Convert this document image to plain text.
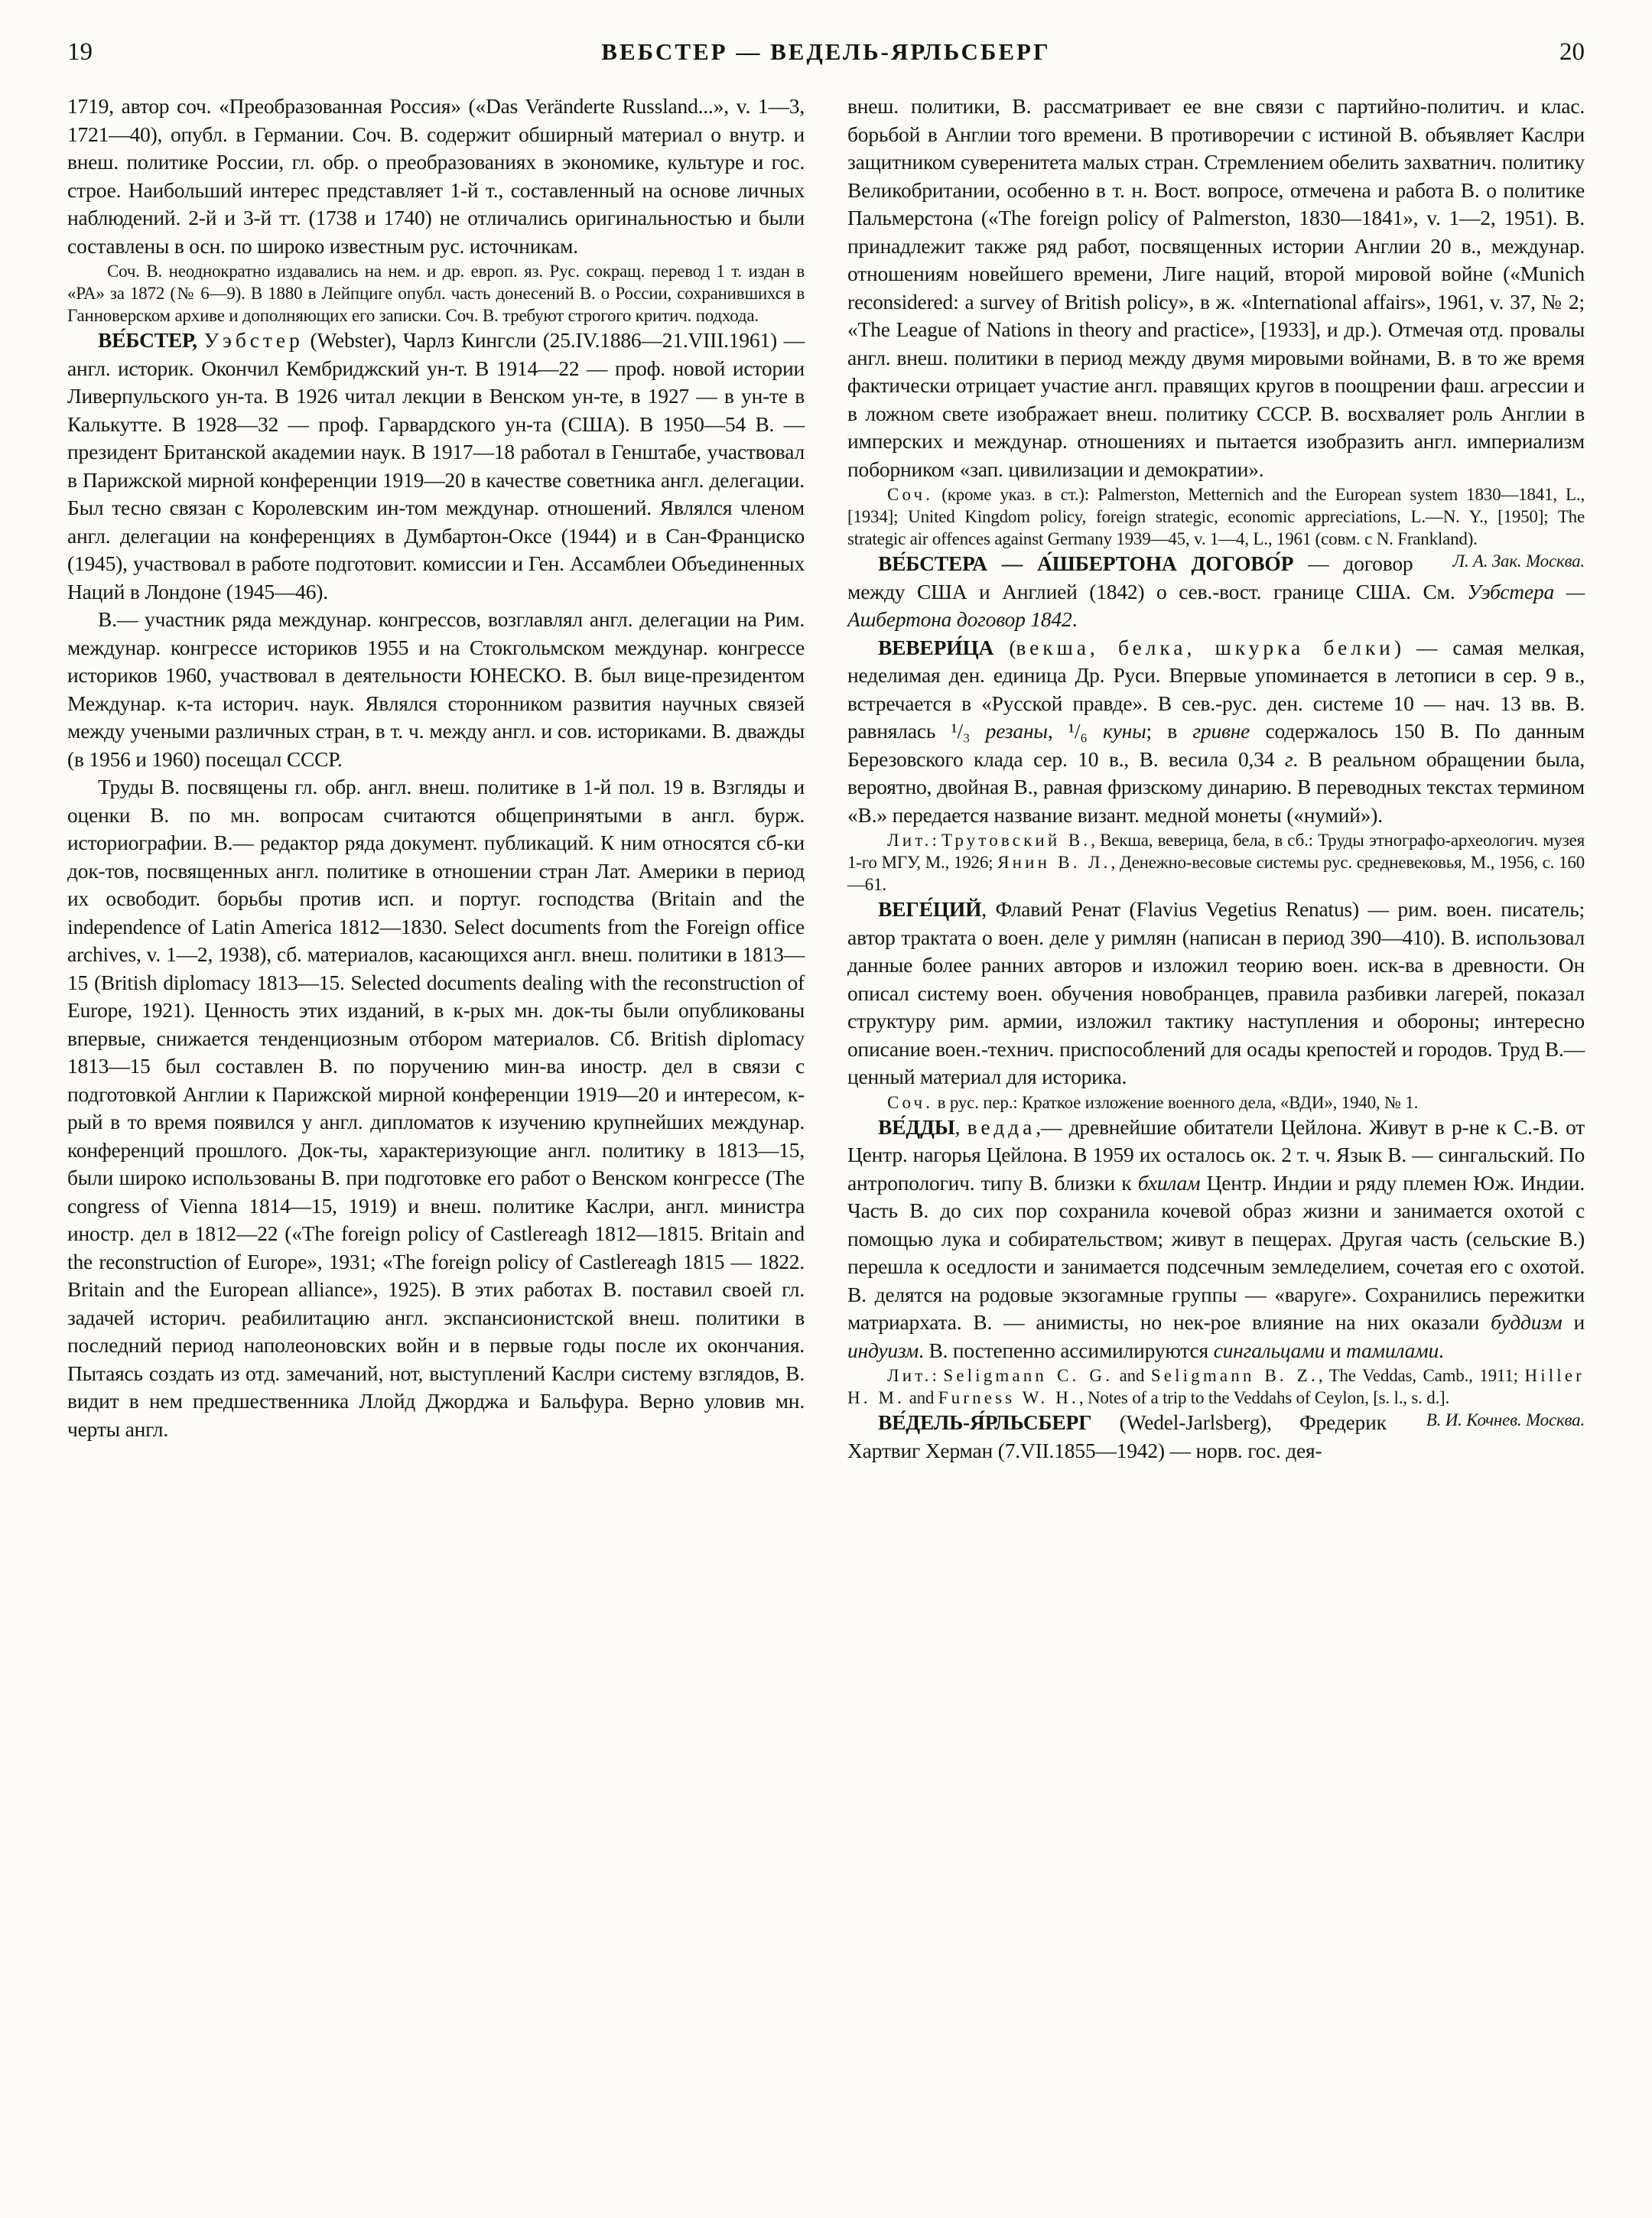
19	ВЕБСТЕР — ВЕДЕЛЬ-ЯРЛЬСБЕРГ	20

1719, автор соч. «Преобразованная Россия» («Das Veränderte Russland...», v. 1—3, 1721—40), опубл. в Германии. Соч. В. содержит обширный материал о внутр. и внеш. политике России, гл. обр. о преобразованиях в экономике, культуре и гос. строе. Наибольший интерес представляет 1-й т., составленный на основе личных наблюдений. 2-й и 3-й тт. (1738 и 1740) не отличались оригинальностью и были составлены в осн. по широко известным рус. источникам.

Соч. В. неоднократно издавались на нем. и др. европ. яз. Рус. сокращ. перевод 1 т. издан в «РА» за 1872 (№ 6—9). В 1880 в Лейпциге опубл. часть донесений В. о России, сохранившихся в Ганноверском архиве и дополняющих его записки. Соч. В. требуют строгого критич. подхода.

ВЕ́БСТЕР, Уэбстер (Webster), Чарлз Кингсли (25.IV.1886—21.VIII.1961) — англ. историк. Окончил Кембриджский ун-т. В 1914—22 — проф. новой истории Ливерпульского ун-та. В 1926 читал лекции в Венском ун-те, в 1927 — в ун-те в Калькутте. В 1928—32 — проф. Гарвардского ун-та (США). В 1950—54 В. — президент Британской академии наук. В 1917—18 работал в Генштабе, участвовал в Парижской мирной конференции 1919—20 в качестве советника англ. делегации. Был тесно связан с Королевским ин-том междунар. отношений. Являлся членом англ. делегации на конференциях в Думбартон-Оксе (1944) и в Сан-Франциско (1945), участвовал в работе подготовит. комиссии и Ген. Ассамблеи Объединенных Наций в Лондоне (1945—46).

В.— участник ряда междунар. конгрессов, возглавлял англ. делегации на Рим. междунар. конгрессе историков 1955 и на Стокгольмском междунар. конгрессе историков 1960, участвовал в деятельности ЮНЕСКО. В. был вице-президентом Междунар. к-та историч. наук. Являлся сторонником развития научных связей между учеными различных стран, в т. ч. между англ. и сов. историками. В. дважды (в 1956 и 1960) посещал СССР.

Труды В. посвящены гл. обр. англ. внеш. политике в 1-й пол. 19 в. Взгляды и оценки В. по мн. вопросам считаются общепринятыми в англ. бурж. историографии. В.— редактор ряда документ. публикаций. К ним относятся сб-ки док-тов, посвященных англ. политике в отношении стран Лат. Америки в период их освободит. борьбы против исп. и португ. господства (Britain and the independence of Latin America 1812—1830. Select documents from the Foreign office archives, v. 1—2, 1938), сб. материалов, касающихся англ. внеш. политики в 1813—15 (British diplomacy 1813—15. Selected documents dealing with the reconstruction of Europe, 1921). Ценность этих изданий, в к-рых мн. док-ты были опубликованы впервые, снижается тенденциозным отбором материалов. Сб. British diplomacy 1813—15 был составлен В. по поручению мин-ва иностр. дел в связи с подготовкой Англии к Парижской мирной конференции 1919—20 и интересом, к-рый в то время появился у англ. дипломатов к изучению крупнейших междунар. конференций прошлого. Док-ты, характеризующие англ. политику в 1813—15, были широко использованы В. при подготовке его работ о Венском конгрессе (The congress of Vienna 1814—15, 1919) и внеш. политике Каслри, англ. министра иностр. дел в 1812—22 («The foreign policy of Castlereagh 1812—1815. Britain and the reconstruction of Europe», 1931; «The foreign policy of Castlereagh 1815 — 1822. Britain and the European alliance», 1925). В этих работах В. поставил своей гл. задачей историч. реабилитацию англ. экспансионистской внеш. политики в последний период наполеоновских войн и в первые годы после их окончания. Пытаясь создать из отд. замечаний, нот, выступлений Каслри систему взглядов, В. видит в нем предшественника Ллойд Джорджа и Бальфура. Верно уловив мн. черты англ.

внеш. политики, В. рассматривает ее вне связи с партийно-политич. и клас. борьбой в Англии того времени. В противоречии с истиной В. объявляет Каслри защитником суверенитета малых стран. Стремлением обелить захватнич. политику Великобритании, особенно в т. н. Вост. вопросе, отмечена и работа В. о политике Пальмерстона («The foreign policy of Palmerston, 1830—1841», v. 1—2, 1951). В. принадлежит также ряд работ, посвященных истории Англии 20 в., междунар. отношениям новейшего времени, Лиге наций, второй мировой войне («Munich reconsidered: a survey of British policy», в ж. «International affairs», 1961, v. 37, № 2; «The League of Nations in theory and practice», [1933], и др.). Отмечая отд. провалы англ. внеш. политики в период между двумя мировыми войнами, В. в то же время фактически отрицает участие англ. правящих кругов в поощрении фаш. агрессии и в ложном свете изображает внеш. политику СССР. В. восхваляет роль Англии в имперских и междунар. отношениях и пытается изобразить англ. империализм поборником «зап. цивилизации и демократии».

Соч. (кроме указ. в ст.): Palmerston, Metternich and the European system 1830—1841, L., [1934]; United Kingdom policy, foreign strategic, economic appreciations, L.—N. Y., [1950]; The strategic air offences against Germany 1939—45, v. 1—4, L., 1961 (совм. с N. Frankland).
Л. А. Зак. Москва.

ВЕ́БСТЕРА — А́ШБЕРТОНА ДОГОВО́Р — договор между США и Англией (1842) о сев.-вост. границе США. См. Уэбстера — Ашбертона договор 1842.

ВЕВЕРИ́ЦА (векша, белка, шкурка белки) — самая мелкая, неделимая ден. единица Др. Руси. Впервые упоминается в летописи в сер. 9 в., встречается в «Русской правде». В сев.-рус. ден. системе 10 — нач. 13 вв. В. равнялась ¹/₃ резаны, ¹/₆ куны; в гривне содержалось 150 В. По данным Березовского клада сер. 10 в., В. весила 0,34 г. В реальном обращении была, вероятно, двойная В., равная фризскому динарию. В переводных текстах термином «В.» передается название визант. медной монеты («нумий»).

Лит.: Трутовский В., Векша, веверица, бела, в сб.: Труды этнографо-археологич. музея 1-го МГУ, М., 1926; Янин В. Л., Денежно-весовые системы рус. средневековья, М., 1956, с. 160—61.

ВЕГЕ́ЦИЙ, Флавий Ренат (Flavius Vegetius Renatus) — рим. воен. писатель; автор трактата о воен. деле у римлян (написан в период 390—410). В. использовал данные более ранних авторов и изложил теорию воен. иск-ва в древности. Он описал систему воен. обучения новобранцев, правила разбивки лагерей, показал структуру рим. армии, изложил тактику наступления и обороны; интересно описание воен.-технич. приспособлений для осады крепостей и городов. Труд В.— ценный материал для историка.

Соч. в рус. пер.: Краткое изложение военного дела, «ВДИ», 1940, № 1.

ВЕ́ДДЫ, ведда,— древнейшие обитатели Цейлона. Живут в р-не к С.-В. от Центр. нагорья Цейлона. В 1959 их осталось ок. 2 т. ч. Язык В. — сингальский. По антропологич. типу В. близки к бхилам Центр. Индии и ряду племен Юж. Индии. Часть В. до сих пор сохранила кочевой образ жизни и занимается охотой с помощью лука и собирательством; живут в пещерах. Другая часть (сельские В.) перешла к оседлости и занимается подсечным земледелием, сочетая его с охотой. В. делятся на родовые экзогамные группы — «варуге». Сохранились пережитки матриархата. В. — анимисты, но нек-рое влияние на них оказали буддизм и индуизм. В. постепенно ассимилируются сингальцами и тамилами.

Лит.: Seligmann C. G. and Seligmann B. Z., The Veddas, Camb., 1911; Hiller H. M. and Furness W. H., Notes of a trip to the Veddahs of Ceylon, [s. l., s. d.].
В. И. Кочнев. Москва.

ВЕ́ДЕЛЬ-Я́РЛЬСБЕРГ (Wedel-Jarlsberg), Фредерик Хартвиг Херман (7.VII.1855—1942) — норв. гос. дея-
